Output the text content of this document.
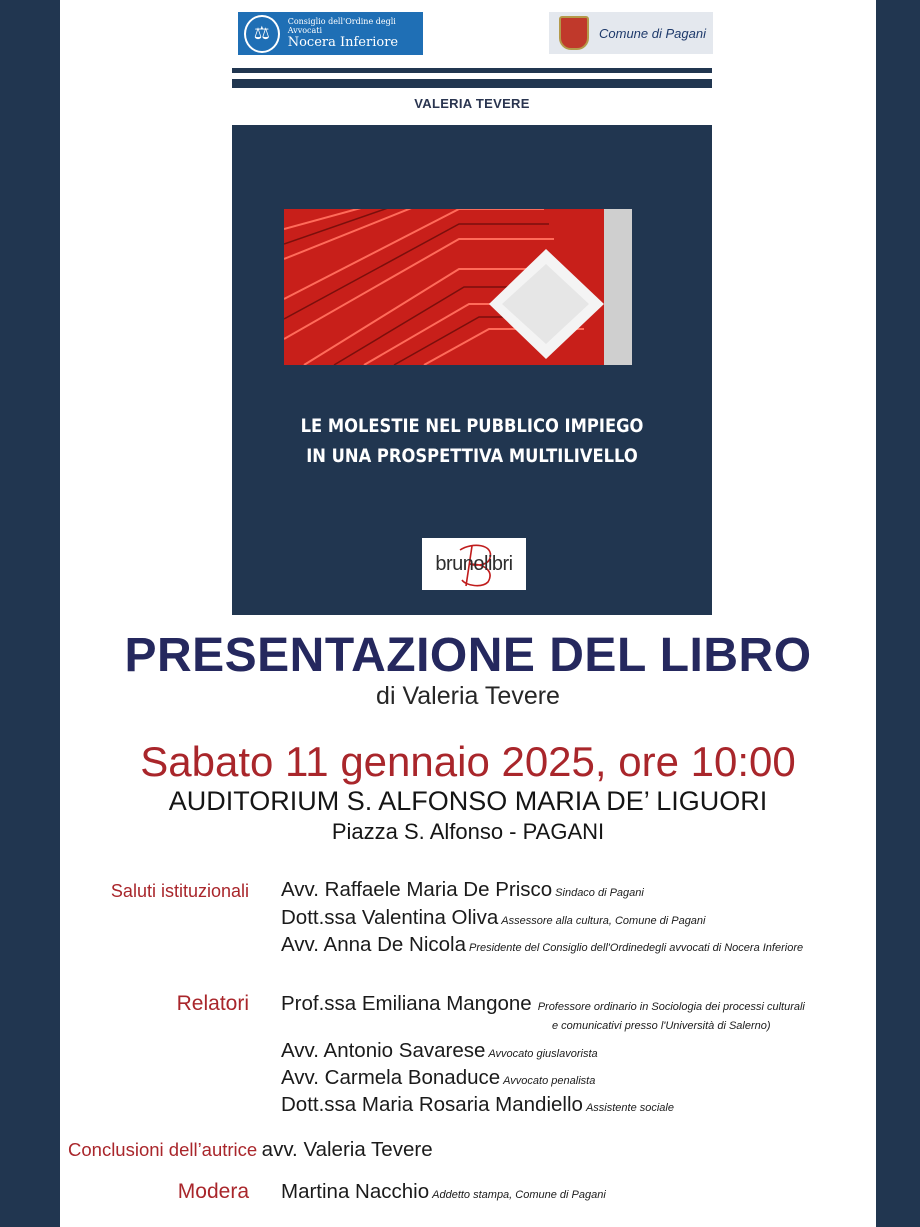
⚖
Consiglio dell'Ordine degli Avvocati
Nocera Inferiore
Comune di Pagani
VALERIA TEVERE
LE MOLESTIE NEL PUBBLICO IMPIEGO
IN UNA PROSPETTIVA MULTILIVELLO
brunolibri
PRESENTAZIONE DEL LIBRO
di Valeria Tevere
Sabato 11 gennaio 2025, ore 10:00
AUDITORIUM S. ALFONSO MARIA DE’ LIGUORI
Piazza S. Alfonso - PAGANI
Saluti istituzionali Avv. Raffaele Maria De Prisco Sindaco di Pagani
Dott.ssa Valentina Oliva Assessore alla cultura, Comune di Pagani
Avv. Anna De Nicola Presidente del Consiglio dell'Ordinedegli avvocati di Nocera Inferiore
Relatori Prof.ssa Emiliana Mangone Professore ordinario in Sociologia dei processi culturali
e comunicativi presso l'Università di Salerno)
Avv. Antonio Savarese Avvocato giuslavorista
Avv. Carmela Bonaduce Avvocato penalista
Dott.ssa Maria Rosaria Mandiello Assistente sociale
Conclusioni dell’autrice avv. Valeria Tevere
Modera Martina Nacchio Addetto stampa, Comune di Pagani
